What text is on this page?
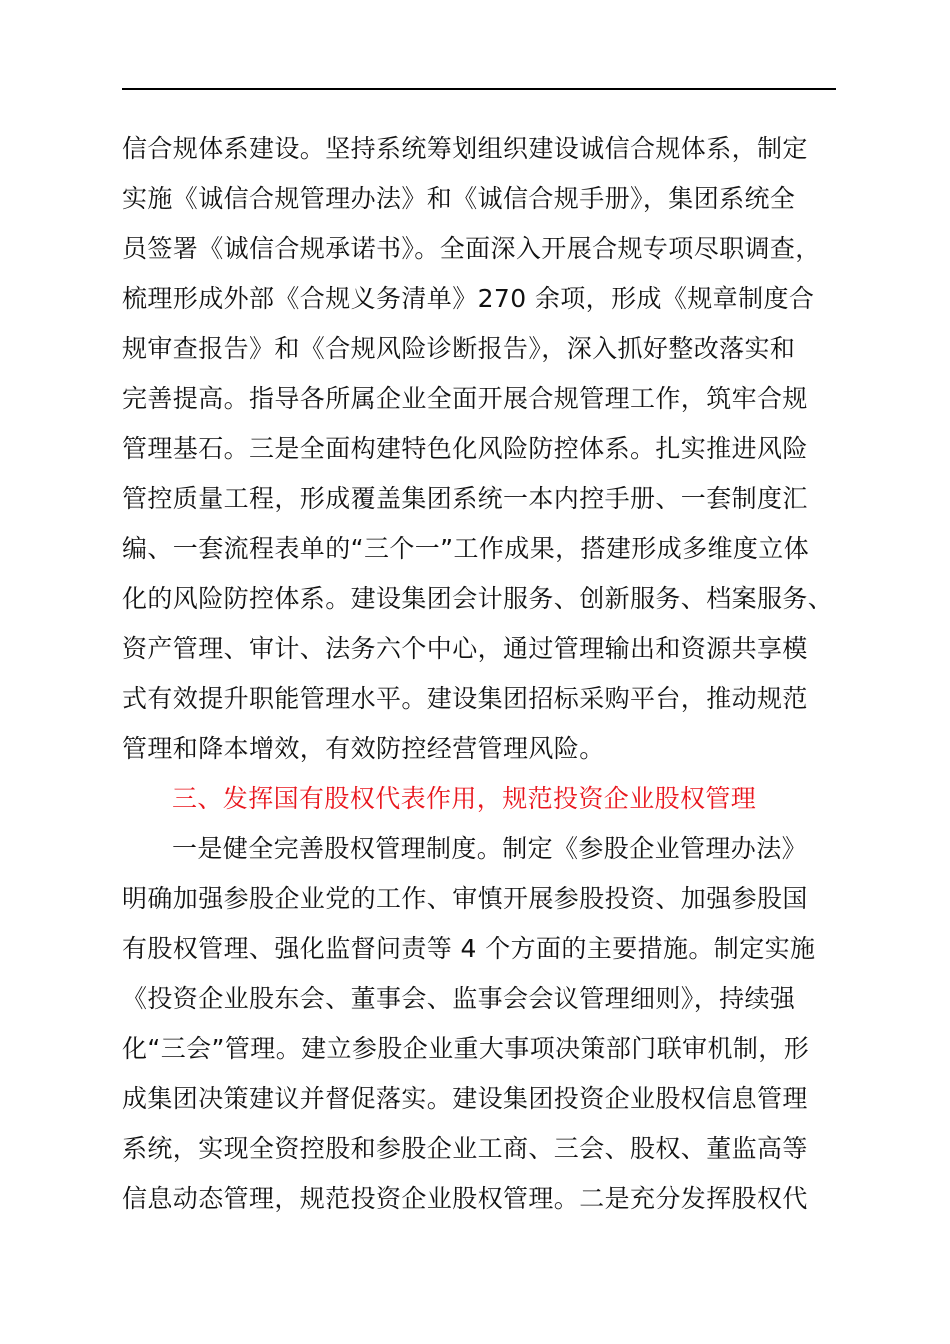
信合规体系建设。坚持系统筹划组织建设诚信合规体系，制定
实施《诚信合规管理办法》和《诚信合规手册》，集团系统全
员签署《诚信合规承诺书》。全面深入开展合规专项尽职调查，
梳理形成外部《合规义务清单》270 余项，形成《规章制度合
规审查报告》和《合规风险诊断报告》，深入抓好整改落实和
完善提高。指导各所属企业全面开展合规管理工作，筑牢合规
管理基石。三是全面构建特色化风险防控体系。扎实推进风险
管控质量工程，形成覆盖集团系统一本内控手册、一套制度汇
编、一套流程表单的“三个一”工作成果，搭建形成多维度立体
化的风险防控体系。建设集团会计服务、创新服务、档案服务、
资产管理、审计、法务六个中心，通过管理输出和资源共享模
式有效提升职能管理水平。建设集团招标采购平台，推动规范
管理和降本增效，有效防控经营管理风险。
三、发挥国有股权代表作用，规范投资企业股权管理
一是健全完善股权管理制度。制定《参股企业管理办法》
明确加强参股企业党的工作、审慎开展参股投资、加强参股国
有股权管理、强化监督问责等 4 个方面的主要措施。制定实施
《投资企业股东会、董事会、监事会会议管理细则》，持续强
化“三会”管理。建立参股企业重大事项决策部门联审机制，形
成集团决策建议并督促落实。建设集团投资企业股权信息管理
系统，实现全资控股和参股企业工商、三会、股权、董监高等
信息动态管理，规范投资企业股权管理。二是充分发挥股权代
